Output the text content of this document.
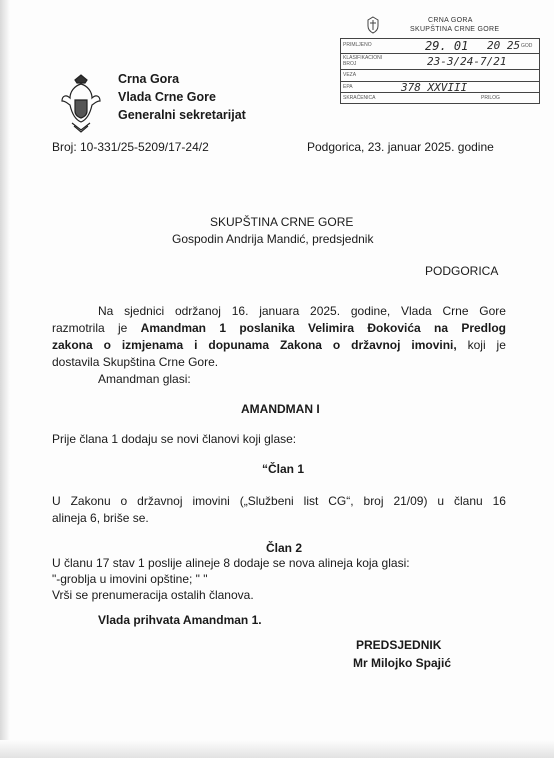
Crna Gora
Vlada Crne Gore
Generalni sekretarijat
CRNA GORA
SKUPŠTINA CRNE GORE
PRIMLJENO	29. 01 20 25 GOD
KLASIFIKACIONI BROJ	23-3/24-7/21
VEZA
EPA	378 XXVIII
SKRAĆENICA	PRILOG
Broj: 10-331/25-5209/17-24/2	Podgorica, 23. januar 2025. godine
SKUPŠTINA CRNE GORE
Gospodin Andrija Mandić, predsjednik
PODGORICA
Na sjednici održanoj 16. januara 2025. godine, Vlada Crne Gore
razmotrila je Amandman 1 poslanika Velimira Đokovića na Predlog
zakona o izmjenama i dopunama Zakona o državnoj imovini, koji je
dostavila Skupština Crne Gore.
Amandman glasi:
AMANDMAN I
Prije člana 1 dodaju se novi članovi koji glase:
“Član 1
U Zakonu o državnoj imovini („Službeni list CG“, broj 21/09) u članu 16
alineja 6, briše se.
Član 2
U članu 17 stav 1 poslije alineje 8 dodaje se nova alineja koja glasi:
"-groblja u imovini opštine; " "
Vrši se prenumeracija ostalih članova.
Vlada prihvata Amandman 1.
PREDSJEDNIK
Mr Milojko Spajić
